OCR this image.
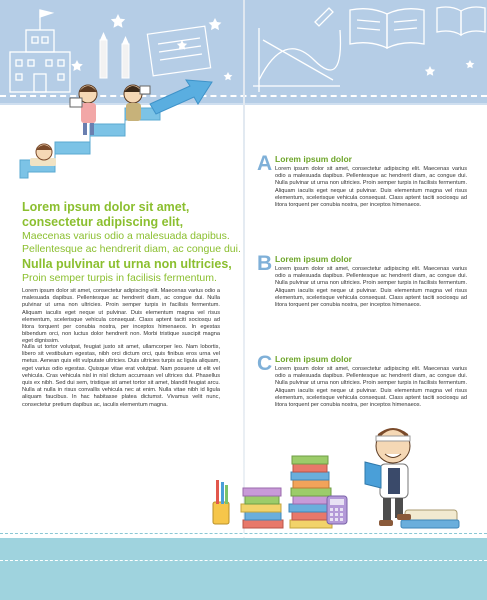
Lorem ipsum dolor sit amet,
consectetur adipiscing elit,
Maecenas varius odio a malesuada dapibus.
Pellentesque ac hendrerit diam, ac congue dui.
Nulla pulvinar ut urna non ultricies,
Proin semper turpis in facilisis fermentum.
Lorem ipsum dolor sit amet, consectetur adipiscing elit. Maecenas varius odio a malesuada dapibus. Pellentesque ac hendrerit diam, ac congue dui. Nulla pulvinar ut urna non ultricies. Proin semper turpis in facilisis fermentum. Aliquam iaculis eget neque ut pulvinar. Duis elementum magna vel risus elementum, scelerisque vehicula consequat. Class aptent taciti sociosqu ad litora torquent per conubia nostra, per inceptos himenaeos. In egestas bibendum orci, non luctus dolor hendrerit non. Morbi tristique suscipit magna eget dignissim.
Nulla ut tortor volutpat, feugiat justo sit amet, ullamcorper leo. Nam lobortis, libero sit vestibulum egestas, nibh orci dictum orci, quis finibus eros urna vel metus. Aenean quis elit vulputate ultricies. Duis ultricies turpis ac ligula aliquam, eget varius odio egestas. Quisque vitae erat volutpat. Nam posuere ut elit vel vehicula. Cras vehicula nisl in nisl dictum accumsan vel ultrices dui. Phasellus quis ex nibh. Sed dui sem, tristique sit amet tortor sit amet, blandit feugiat arcu. Nulla at nulla in risus convallis vehicula nec at enim. Nulla vitae nibh id ligula aliquam faucibus. In hac habitasse platea dictumst. Vivamus velit nunc, consectetur pretium dapibus ac, iaculis elementum magna.
A Lorem ipsum dolor
Lorem ipsum dolor sit amet, consectetur adipiscing elit. Maecenas varius odio a malesuada dapibus. Pellentesque ac hendrerit diam, ac congue dui. Nulla pulvinar ut urna non ultricies. Proin semper turpis in facilisis fermentum. Aliquam iaculis eget neque ut pulvinar. Duis elementum magna vel risus elementum, scelerisque vehicula consequat. Class aptent taciti sociosqu ad litora torquent per conubia nostra, per inceptos himenaeos.
B Lorem ipsum dolor
Lorem ipsum dolor sit amet, consectetur adipiscing elit. Maecenas varius odio a malesuada dapibus. Pellentesque ac hendrerit diam, ac congue dui. Nulla pulvinar ut urna non ultricies. Proin semper turpis in facilisis fermentum. Aliquam iaculis eget neque ut pulvinar. Duis elementum magna vel risus elementum, scelerisque vehicula consequat. Class aptent taciti sociosqu ad litora torquent per conubia nostra, per inceptos himenaeos.
C Lorem ipsum dolor
Lorem ipsum dolor sit amet, consectetur adipiscing elit. Maecenas varius odio a malesuada dapibus. Pellentesque ac hendrerit diam, ac congue dui. Nulla pulvinar ut urna non ultricies. Proin semper turpis in facilisis fermentum. Aliquam iaculis eget neque ut pulvinar. Duis elementum magna vel risus elementum, scelerisque vehicula consequat. Class aptent taciti sociosqu ad litora torquent per conubia nostra, per inceptos himenaeos.
